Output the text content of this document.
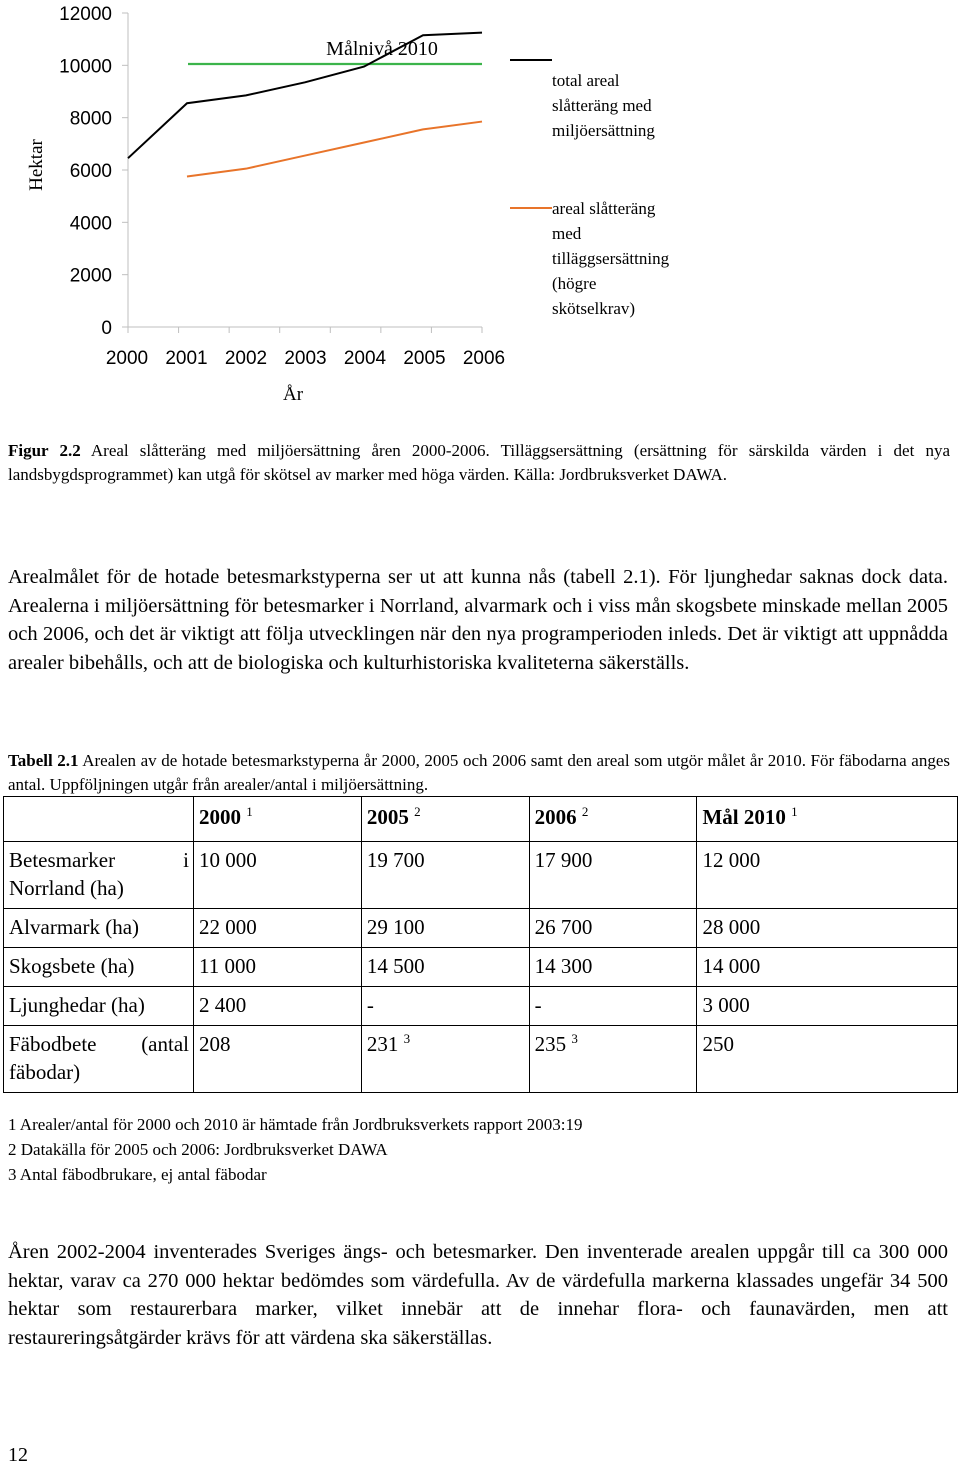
0
2000
4000
6000
8000
10000
12000
2000 2001 2002 2003 2004 2005 2006
Hektar
År
Målnivå 2010
total areal
slåtteräng med
miljöersättning
areal slåtteräng
med
tilläggsersättning
(högre
skötselkrav)
Figur 2.2 Areal slåtteräng med miljöersättning åren 2000-2006. Tilläggsersättning (ersättning för särskilda värden i det nya landsbygdsprogrammet) kan utgå för skötsel av marker med höga värden. Källa: Jordbruksverket DAWA.
Arealmålet för de hotade betesmarkstyperna ser ut att kunna nås (tabell 2.1). För ljunghedar saknas dock data. Arealerna i miljöersättning för betesmarker i Norrland, alvarmark och i viss mån skogsbete minskade mellan 2005 och 2006, och det är viktigt att följa utvecklingen när den nya programperioden inleds. Det är viktigt att uppnådda arealer bibehålls, och att de biologiska och kulturhistoriska kvaliteterna säkerställs.
Tabell 2.1 Arealen av de hotade betesmarkstyperna år 2000, 2005 och 2006 samt den areal som utgör målet år 2010. För fäbodarna anges antal. Uppföljningen utgår från arealer/antal i miljöersättning.
	2000 $^1$	2005 $^2$	2006 $^2$	Mål 2010 $^1$

Betesmarker i
Norrland (ha)	10 000	19 700	17 900	12 000
Alvarmark (ha)	22 000	29 100	26 700	28 000
Skogsbete (ha)	11 000	14 500	14 300	14 000
Ljunghedar (ha)	2 400	-	-	3 000

Fäbodbete (antal
fäbodar)	208	231 $^3$	235 $^3$	250
1 Arealer/antal för 2000 och 2010 är hämtade från Jordbruksverkets rapport 2003:19
2 Datakälla för 2005 och 2006: Jordbruksverket DAWA
3 Antal fäbodbrukare, ej antal fäbodar
Åren 2002-2004 inventerades Sveriges ängs- och betesmarker. Den inventerade arealen uppgår till ca 300 000 hektar, varav ca 270 000 hektar bedömdes som värdefulla. Av de värdefulla markerna klassades ungefär 34 500 hektar som restaurerbara marker, vilket innebär att de innehar flora- och faunavärden, men att restaureringsåtgärder krävs för att värdena ska säkerställas.
12
